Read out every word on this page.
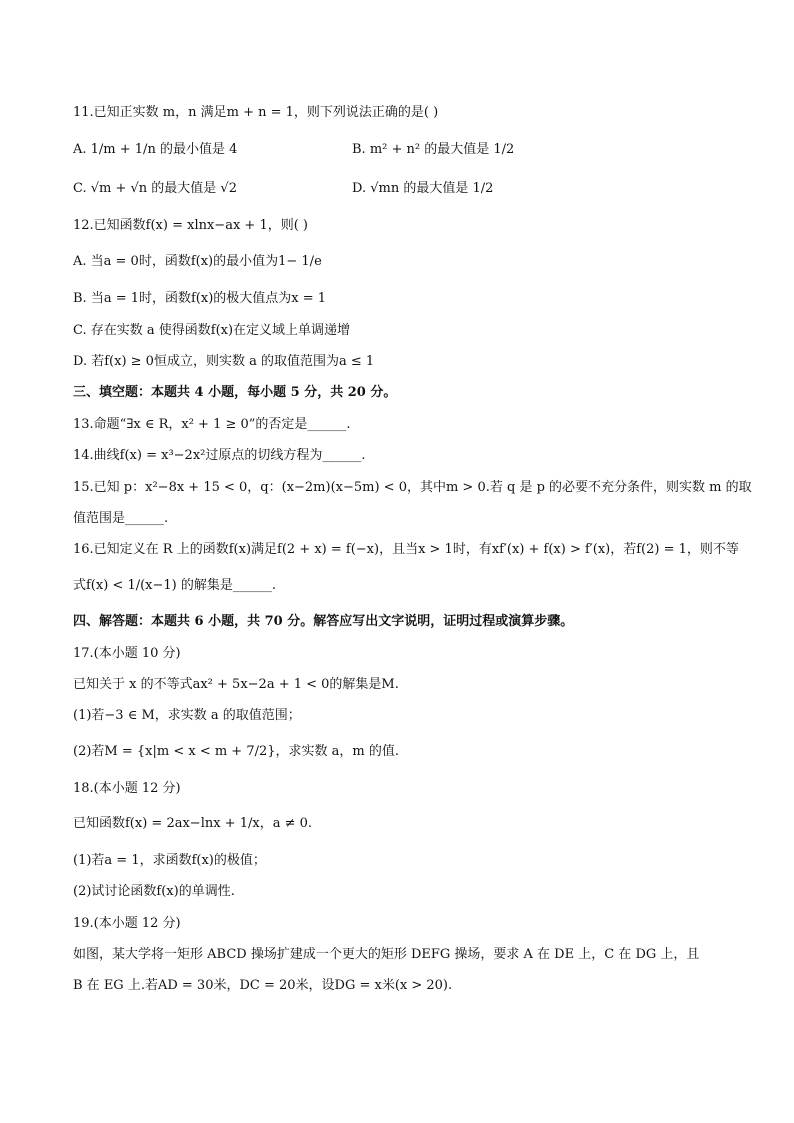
11.已知正实数 m，n 满足m + n = 1，则下列说法正确的是( )
A. 1/m + 1/n 的最小值是 4	B. m² + n² 的最大值是 1/2
C. √m + √n 的最大值是 √2	D. √mn 的最大值是 1/2
12.已知函数f(x) = xlnx−ax + 1，则( )
A. 当a = 0时，函数f(x)的最小值为1− 1/e
B. 当a = 1时，函数f(x)的极大值点为x = 1
C. 存在实数 a 使得函数f(x)在定义域上单调递增
D. 若f(x) ≥ 0恒成立，则实数 a 的取值范围为a ≤ 1
三、填空题：本题共 4 小题，每小题 5 分，共 20 分。
13.命题“∃x ∈ R，x² + 1 ≥ 0”的否定是______.
14.曲线f(x) = x³−2x²过原点的切线方程为______.
15.已知 p：x²−8x + 15 < 0，q：(x−2m)(x−5m) < 0，其中m > 0.若 q 是 p 的必要不充分条件，则实数 m 的取
值范围是______.
16.已知定义在 R 上的函数f(x)满足f(2 + x) = f(−x)，且当x > 1时，有xf′(x) + f(x) > f′(x)，若f(2) = 1，则不等
式f(x) < 1/(x−1) 的解集是______.
四、解答题：本题共 6 小题，共 70 分。解答应写出文字说明，证明过程或演算步骤。
17.(本小题 10 分)
已知关于 x 的不等式ax² + 5x−2a + 1 < 0的解集是M.
(1)若−3 ∈ M，求实数 a 的取值范围；
(2)若M = {x|m < x < m + 7/2}，求实数 a，m 的值.
18.(本小题 12 分)
已知函数f(x) = 2ax−lnx + 1/x，a ≠ 0.
(1)若a = 1，求函数f(x)的极值；
(2)试讨论函数f(x)的单调性.
19.(本小题 12 分)
如图，某大学将一矩形 ABCD 操场扩建成一个更大的矩形 DEFG 操场，要求 A 在 DE 上，C 在 DG 上，且
B 在 EG 上.若AD = 30米，DC = 20米，设DG = x米(x > 20).
